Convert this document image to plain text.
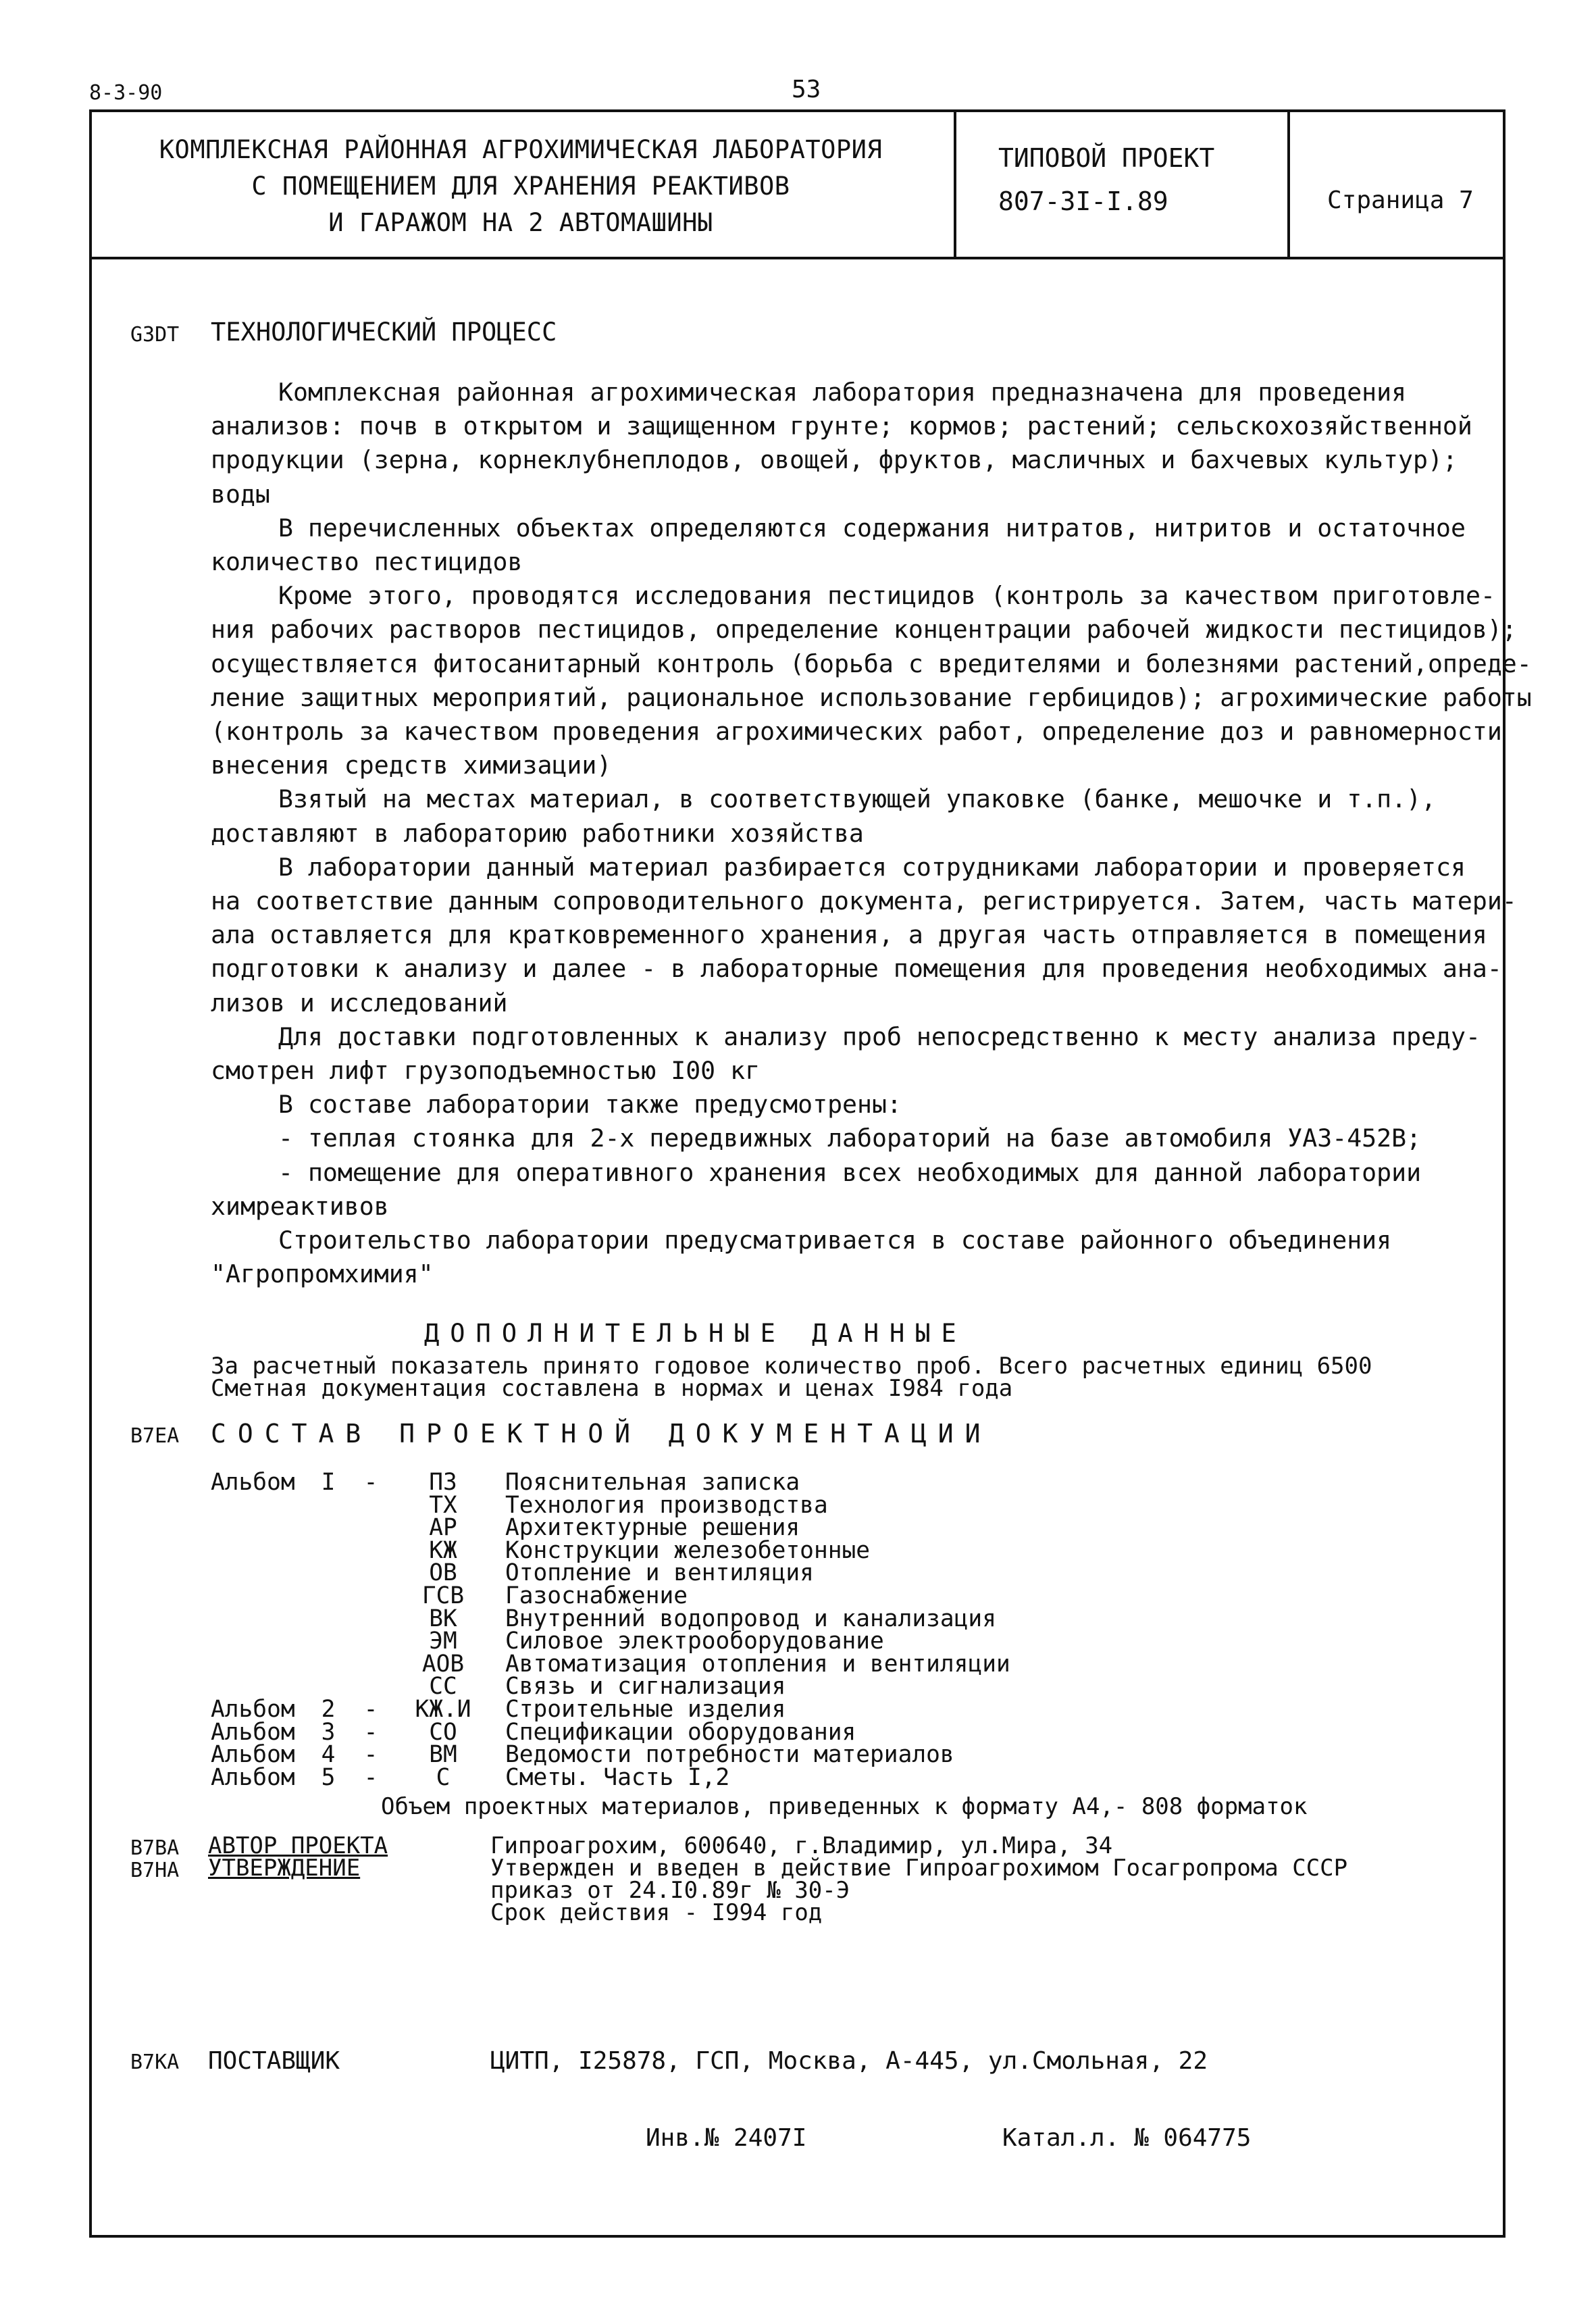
8-3-90	53
КОМПЛЕКСНАЯ РАЙОННАЯ АГРОХИМИЧЕСКАЯ ЛАБОРАТОРИЯ
С ПОМЕЩЕНИЕМ ДЛЯ ХРАНЕНИЯ РЕАКТИВОВ
И ГАРАЖОМ НА 2 АВТОМАШИНЫ
ТИПОВОЙ ПРОЕКТ
807-3I-I.89	Страница 7
G3DT ТЕХНОЛОГИЧЕСКИЙ ПРОЦЕСС
Комплексная районная агрохимическая лаборатория предназначена для проведения
анализов: почв в открытом и защищенном грунте; кормов; растений; сельскохозяйственной
продукции (зерна, корнеклубнеплодов, овощей, фруктов, масличных и бахчевых культур);
воды
В перечисленных объектах определяются содержания нитратов, нитритов и остаточное
количество пестицидов
Кроме этого, проводятся исследования пестицидов (контроль за качеством приготовле-
ния рабочих растворов пестицидов, определение концентрации рабочей жидкости пестицидов);
осуществляется фитосанитарный контроль (борьба с вредителями и болезнями растений,опреде-
ление защитных мероприятий, рациональное использование гербицидов); агрохимические работы
(контроль за качеством проведения агрохимических работ, определение доз и равномерности
внесения средств химизации)
Взятый на местах материал, в соответствующей упаковке (банке, мешочке и т.п.),
доставляют в лабораторию работники хозяйства
В лаборатории данный материал разбирается сотрудниками лаборатории и проверяется
на соответствие данным сопроводительного документа, регистрируется. Затем, часть матери-
ала оставляется для кратковременного хранения, а другая часть отправляется в помещения
подготовки к анализу и далее - в лабораторные помещения для проведения необходимых ана-
лизов и исследований
Для доставки подготовленных к анализу проб непосредственно к месту анализа преду-
смотрен лифт грузоподъемностью I00 кг
В составе лаборатории также предусмотрены:
- теплая стоянка для 2-х передвижных лабораторий на базе автомобиля УАЗ-452В;
- помещение для оперативного хранения всех необходимых для данной лаборатории
химреактивов
Строительство лаборатории предусматривается в составе районного объединения
"Агропромхимия"
ДОПОЛНИТЕЛЬНЫЕ ДАННЫЕ
За расчетный показатель принято годовое количество проб. Всего расчетных единиц 6500
Сметная документация составлена в нормах и ценах I984 года
B7EA СОСТАВ ПРОЕКТНОЙ ДОКУМЕНТАЦИИ
Альбом	I	-	ПЗ	Пояснительная записка
			ТХ	Технология производства
			АР	Архитектурные решения
			КЖ	Конструкции железобетонные
			ОВ	Отопление и вентиляция
			ГСВ	Газоснабжение
			ВК	Внутренний водопровод и канализация
			ЭМ	Силовое электрооборудование
			АОВ	Автоматизация отопления и вентиляции
			СС	Связь и сигнализация
Альбом	2	-	КЖ.И	Строительные изделия
Альбом	3	-	СО	Спецификации оборудования
Альбом	4	-	ВМ	Ведомости потребности материалов
Альбом	5	-	С	Сметы. Часть I,2
Объем проектных материалов, приведенных к формату А4,- 808 форматок
B7BA АВТОР ПРОЕКТА	Гипроагрохим, 600640, г.Владимир, ул.Мира, 34
B7HA УТВЕРЖДЕНИЕ	Утвержден и введен в действие Гипроагрохимом Госагропрома СССР
приказ от 24.I0.89г № 30-Э
Срок действия - I994 год
B7KA ПОСТАВЩИК	ЦИТП, I25878, ГСП, Москва, А-445, ул.Смольная, 22
Инв.№ 2407I	Катал.л. № 064775
